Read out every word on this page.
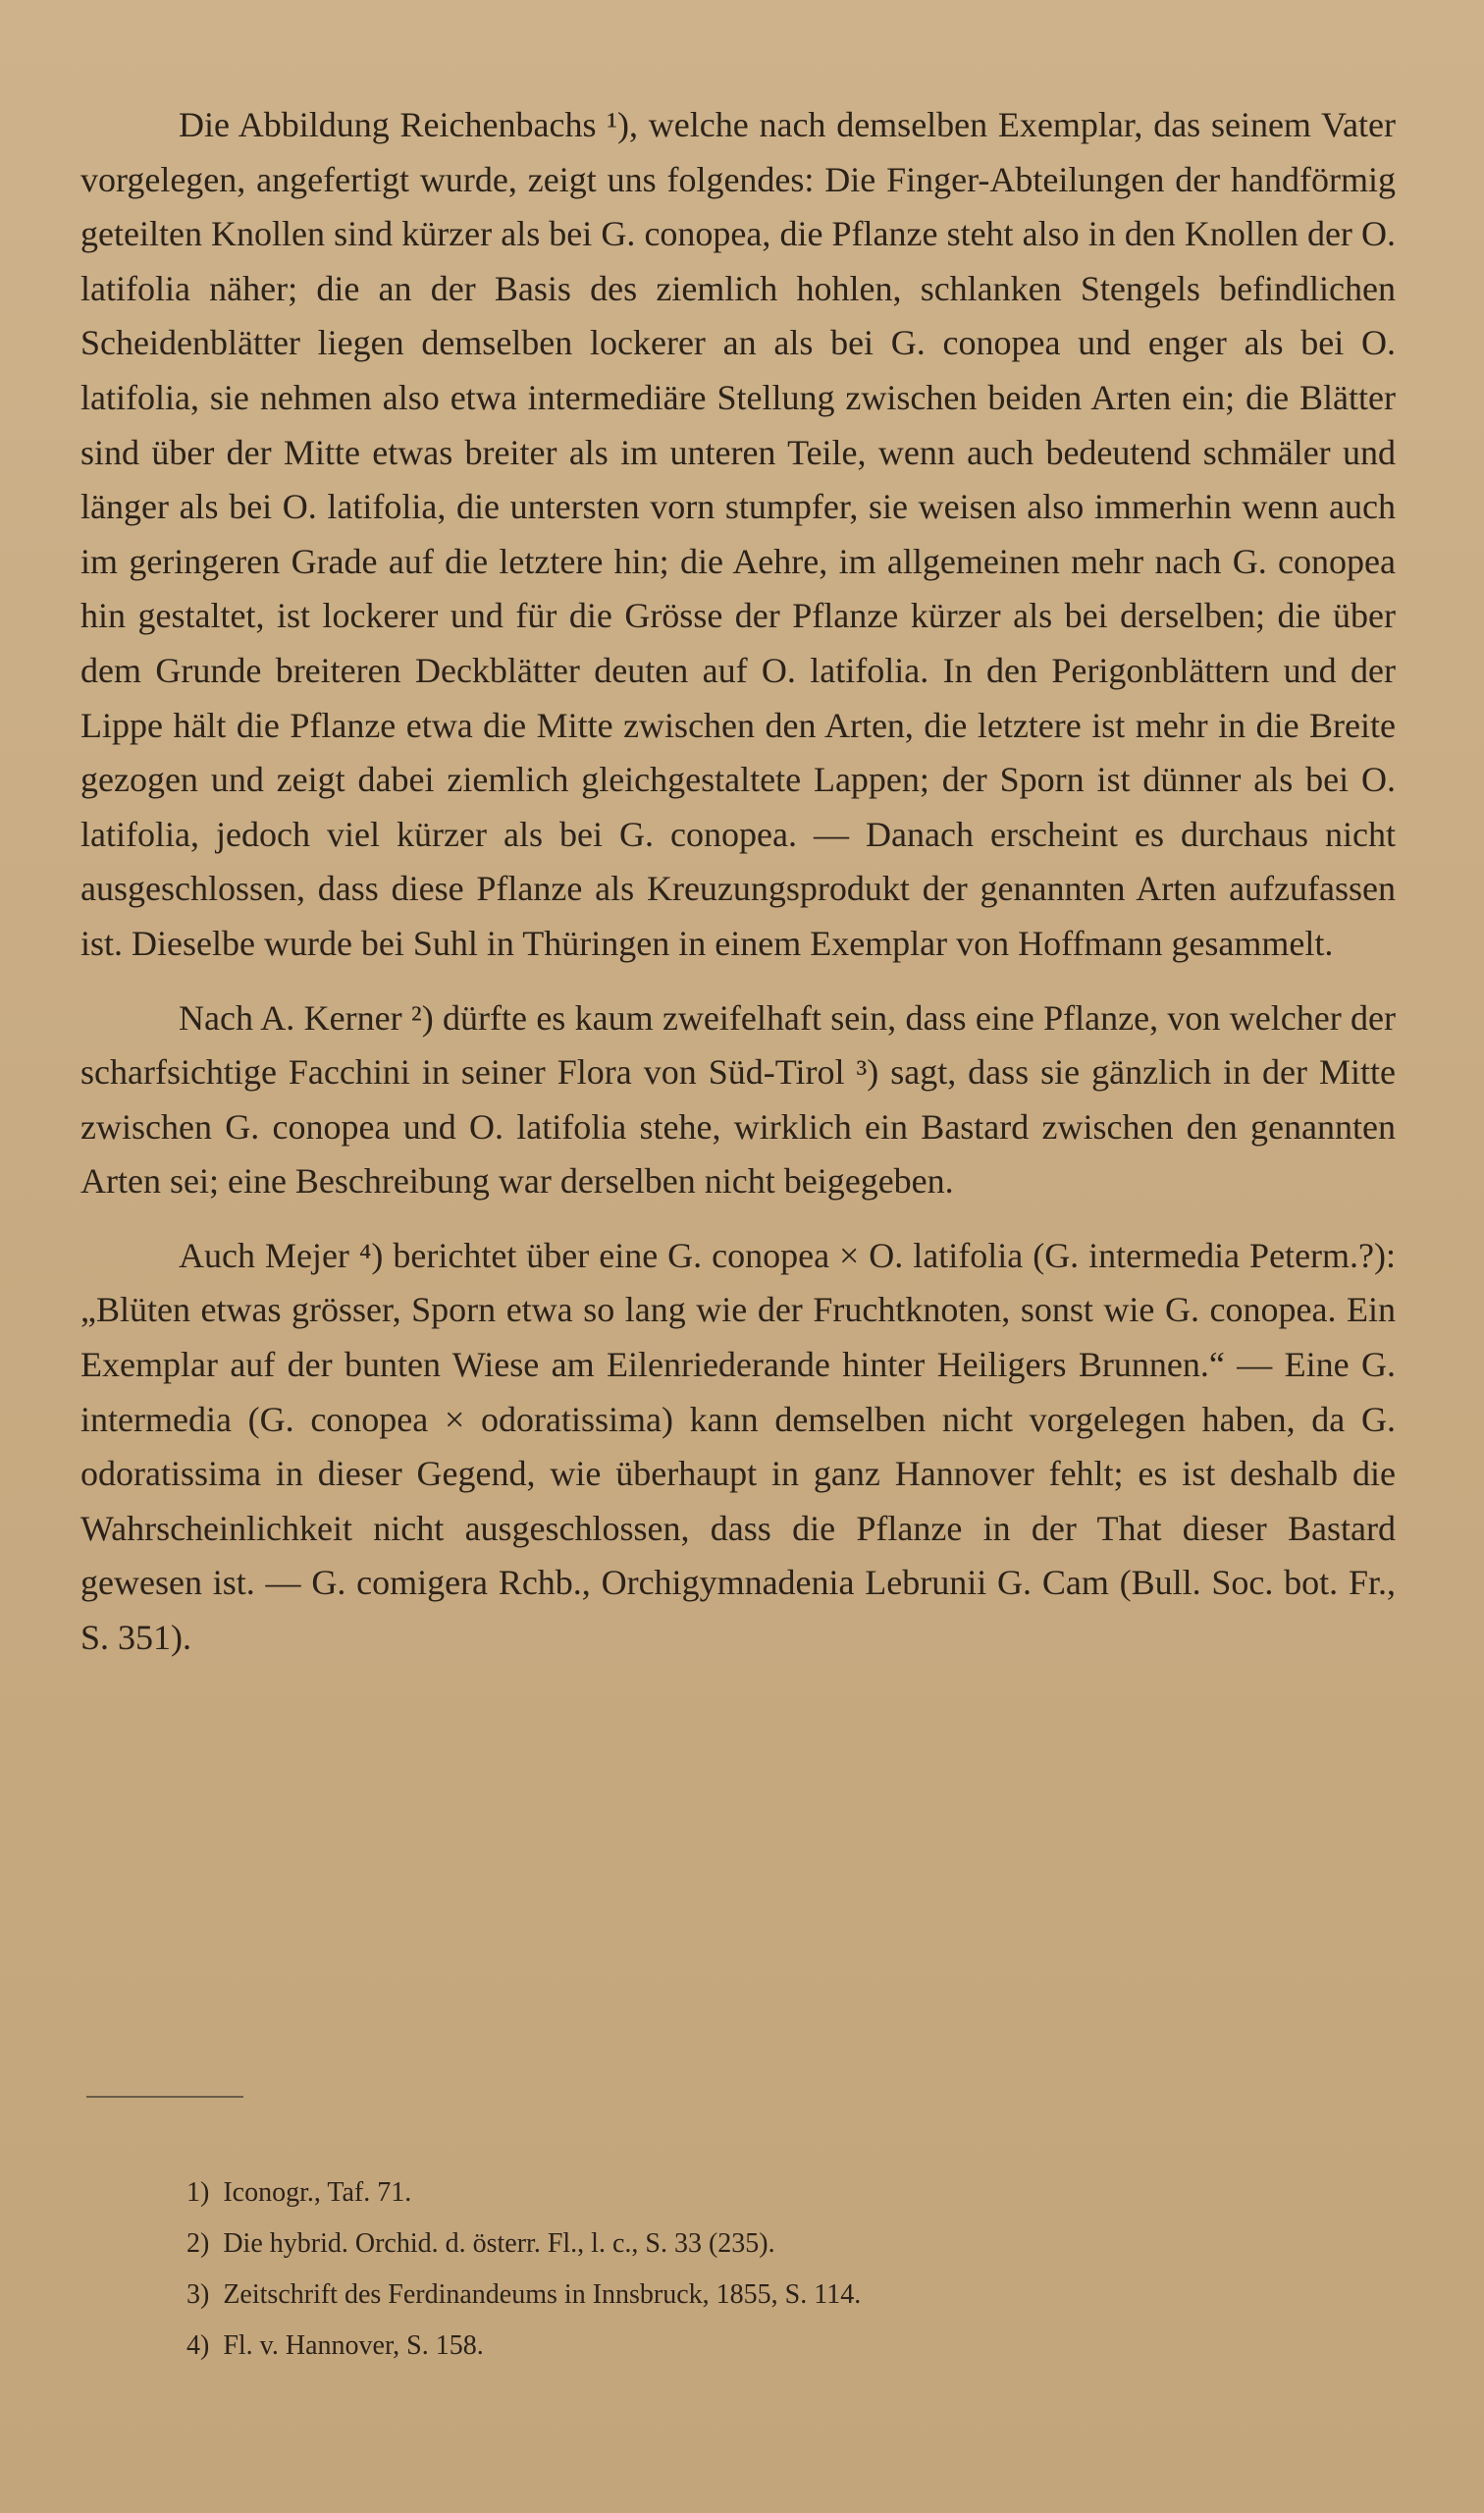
Die Abbildung Reichenbachs ¹), welche nach demselben Exemplar, das seinem Vater vorgelegen, angefertigt wurde, zeigt uns folgendes: Die Finger-Abteilungen der handförmig geteilten Knollen sind kürzer als bei G. conopea, die Pflanze steht also in den Knollen der O. latifolia näher; die an der Basis des ziemlich hohlen, schlanken Stengels befindlichen Scheidenblätter liegen demselben lockerer an als bei G. conopea und enger als bei O. latifolia, sie nehmen also etwa intermediäre Stellung zwischen beiden Arten ein; die Blätter sind über der Mitte etwas breiter als im unteren Teile, wenn auch bedeutend schmäler und länger als bei O. latifolia, die untersten vorn stumpfer, sie weisen also immerhin wenn auch im geringeren Grade auf die letztere hin; die Aehre, im allgemeinen mehr nach G. conopea hin gestaltet, ist lockerer und für die Grösse der Pflanze kürzer als bei derselben; die über dem Grunde breiteren Deckblätter deuten auf O. latifolia. In den Perigonblättern und der Lippe hält die Pflanze etwa die Mitte zwischen den Arten, die letztere ist mehr in die Breite gezogen und zeigt dabei ziemlich gleichgestaltete Lappen; der Sporn ist dünner als bei O. latifolia, jedoch viel kürzer als bei G. conopea. — Danach erscheint es durchaus nicht ausgeschlossen, dass diese Pflanze als Kreuzungsprodukt der genannten Arten aufzufassen ist. Dieselbe wurde bei Suhl in Thüringen in einem Exemplar von Hoffmann gesammelt.

Nach A. Kerner ²) dürfte es kaum zweifelhaft sein, dass eine Pflanze, von welcher der scharfsichtige Facchini in seiner Flora von Süd-Tirol ³) sagt, dass sie gänzlich in der Mitte zwischen G. conopea und O. latifolia stehe, wirklich ein Bastard zwischen den genannten Arten sei; eine Beschreibung war derselben nicht beigegeben.

Auch Mejer ⁴) berichtet über eine G. conopea × O. latifolia (G. intermedia Peterm.?): „Blüten etwas grösser, Sporn etwa so lang wie der Fruchtknoten, sonst wie G. conopea. Ein Exemplar auf der bunten Wiese am Eilenriederande hinter Heiligers Brunnen.“ — Eine G. intermedia (G. conopea × odoratissima) kann demselben nicht vorgelegen haben, da G. odoratissima in dieser Gegend, wie überhaupt in ganz Hannover fehlt; es ist deshalb die Wahrscheinlichkeit nicht ausgeschlossen, dass die Pflanze in der That dieser Bastard gewesen ist. — G. comigera Rchb., Orchigymnadenia Lebrunii G. Cam (Bull. Soc. bot. Fr., S. 351).

1) Iconogr., Taf. 71.

2) Die hybrid. Orchid. d. österr. Fl., l. c., S. 33 (235).

3) Zeitschrift des Ferdinandeums in Innsbruck, 1855, S. 114.

4) Fl. v. Hannover, S. 158.
